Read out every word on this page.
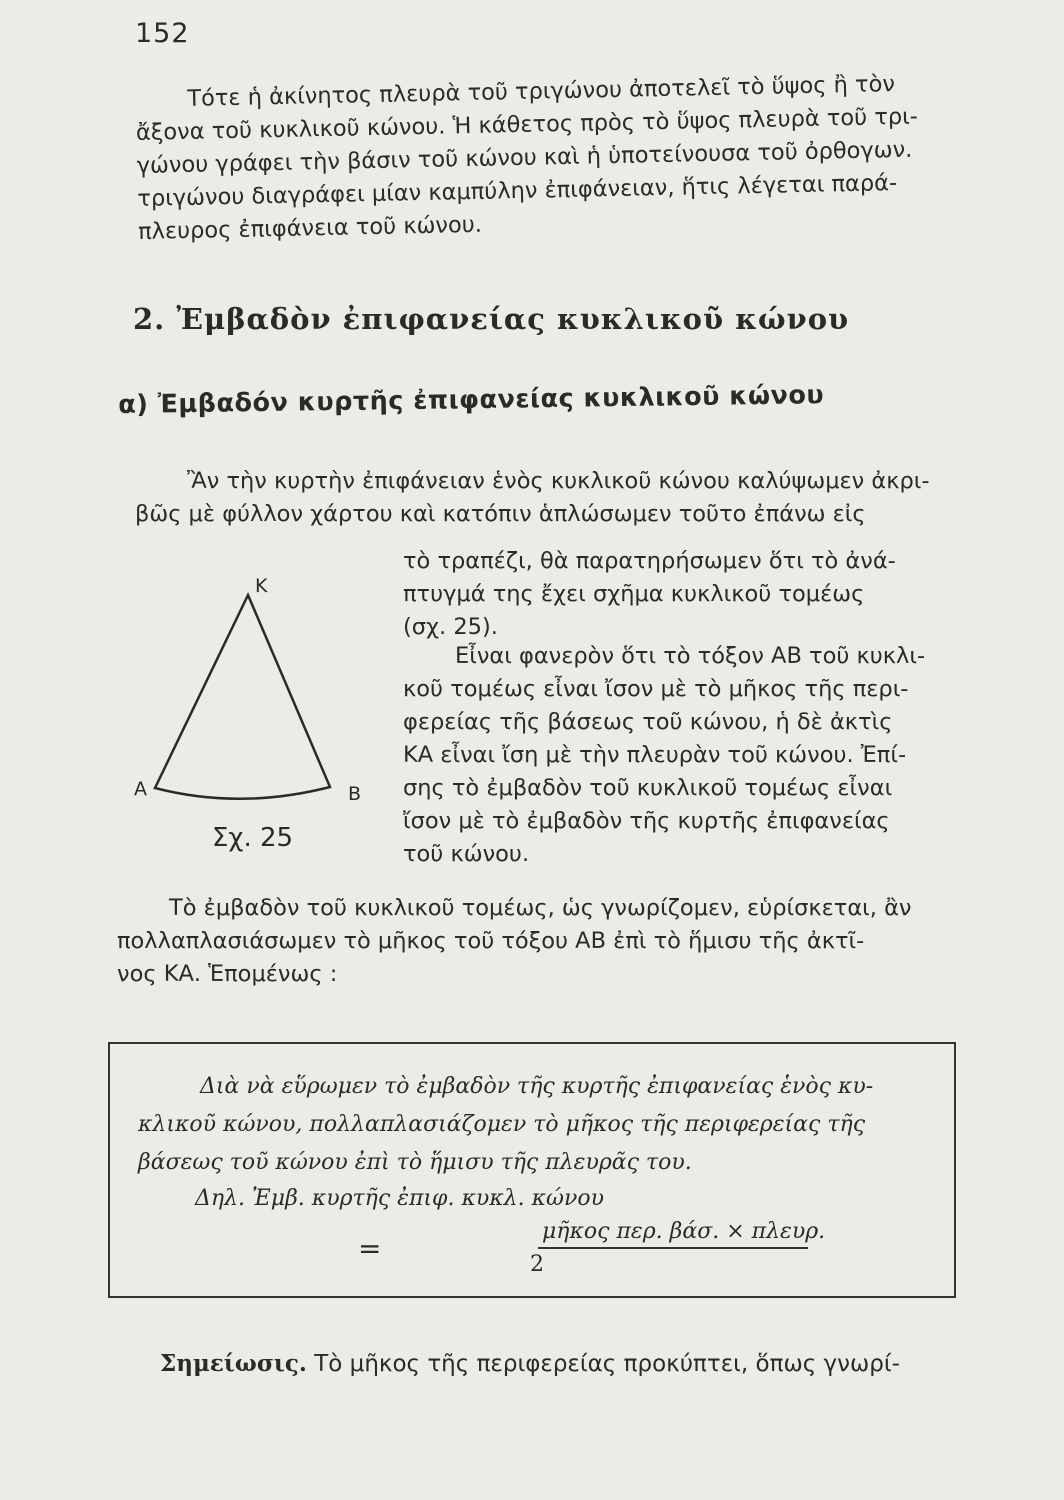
152
Τότε ἡ ἀκίνητος πλευρὰ τοῦ τριγώνου ἀποτελεῖ τὸ ὕψος ἢ τὸν
ἄξονα τοῦ κυκλικοῦ κώνου. Ἡ κάθετος πρὸς τὸ ὕψος πλευρὰ τοῦ τρι-
γώνου γράφει τὴν βάσιν τοῦ κώνου καὶ ἡ ὑποτείνουσα τοῦ ὀρθογων.
τριγώνου διαγράφει μίαν καμπύλην ἐπιφάνειαν, ἥτις λέγεται παρά-
πλευρος ἐπιφάνεια τοῦ κώνου.
2. Ἐμβαδὸν ἐπιφανείας κυκλικοῦ κώνου
α) Ἐμβαδόν κυρτῆς ἐπιφανείας κυκλικοῦ κώνου
Ἂν τὴν κυρτὴν ἐπιφάνειαν ἑνὸς κυκλικοῦ κώνου καλύψωμεν ἀκρι-
βῶς μὲ φύλλον χάρτου καὶ κατόπιν ἁπλώσωμεν τοῦτο ἐπάνω εἰς
τὸ τραπέζι, θὰ παρατηρήσωμεν ὅτι τὸ ἀνά-
πτυγμά της ἔχει σχῆμα κυκλικοῦ τομέως
(σχ. 25).
Εἶναι φανερὸν ὅτι τὸ τόξον ΑΒ τοῦ κυκλι-
κοῦ τομέως εἶναι ἴσον μὲ τὸ μῆκος τῆς περι-
φερείας τῆς βάσεως τοῦ κώνου, ἡ δὲ ἀκτὶς
ΚΑ εἶναι ἴση μὲ τὴν πλευρὰν τοῦ κώνου. Ἐπί-
σης τὸ ἐμβαδὸν τοῦ κυκλικοῦ τομέως εἶναι
ἴσον μὲ τὸ ἐμβαδὸν τῆς κυρτῆς ἐπιφανείας
τοῦ κώνου.
Κ
Α	Β
Σχ. 25
Τὸ ἐμβαδὸν τοῦ κυκλικοῦ τομέως, ὡς γνωρίζομεν, εὑρίσκεται, ἂν
πολλαπλασιάσωμεν τὸ μῆκος τοῦ τόξου ΑΒ ἐπὶ τὸ ἥμισυ τῆς ἀκτῖ-
νος ΚΑ. Ἑπομένως :
Διὰ νὰ εὕρωμεν τὸ ἐμβαδὸν τῆς κυρτῆς ἐπιφανείας ἑνὸς κυ-
κλικοῦ κώνου, πολλαπλασιάζομεν τὸ μῆκος τῆς περιφερείας τῆς
βάσεως τοῦ κώνου ἐπὶ τὸ ἥμισυ τῆς πλευρᾶς του.
Δηλ. Ἐμβ. κυρτῆς ἐπιφ. κυκλ. κώνου
=
μῆκος περ. βάσ. × πλευρ.
2
Σημείωσις. Τὸ μῆκος τῆς περιφερείας προκύπτει, ὅπως γνωρί-
